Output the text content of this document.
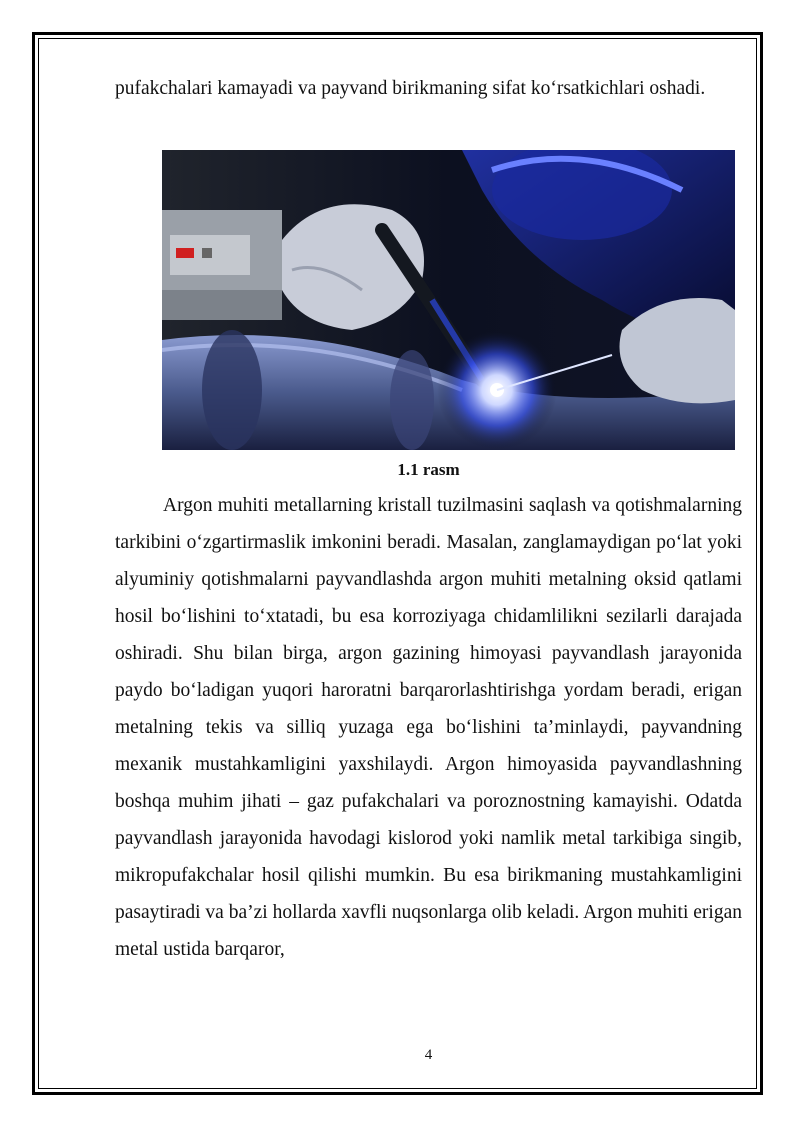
pufakchalari kamayadi va payvand birikmaning sifat ko‘rsatkichlari oshadi.

1.1 rasm

Argon muhiti metallarning kristall tuzilmasini saqlash va qotishmalarning tarkibini o‘zgartirmaslik imkonini beradi. Masalan, zanglamaydigan po‘lat yoki alyuminiy qotishmalarni payvandlashda argon muhiti metalning oksid qatlami hosil bo‘lishini to‘xtatadi, bu esa korroziyaga chidamlilikni sezilarli darajada oshiradi. Shu bilan birga, argon gazining himoyasi payvandlash jarayonida paydo bo‘ladigan yuqori haroratni barqarorlashtirishga yordam beradi, erigan metalning tekis va silliq yuzaga ega bo‘lishini ta’minlaydi, payvandning mexanik mustahkamligini yaxshilaydi. Argon himoyasida payvandlashning boshqa muhim jihati – gaz pufakchalari va poroznostning kamayishi. Odatda payvandlash jarayonida havodagi kislorod yoki namlik metal tarkibiga singib, mikropufakchalar hosil qilishi mumkin. Bu esa birikmaning mustahkamligini pasaytiradi va ba’zi hollarda xavfli nuqsonlarga olib keladi. Argon muhiti erigan metal ustida barqaror,

4
